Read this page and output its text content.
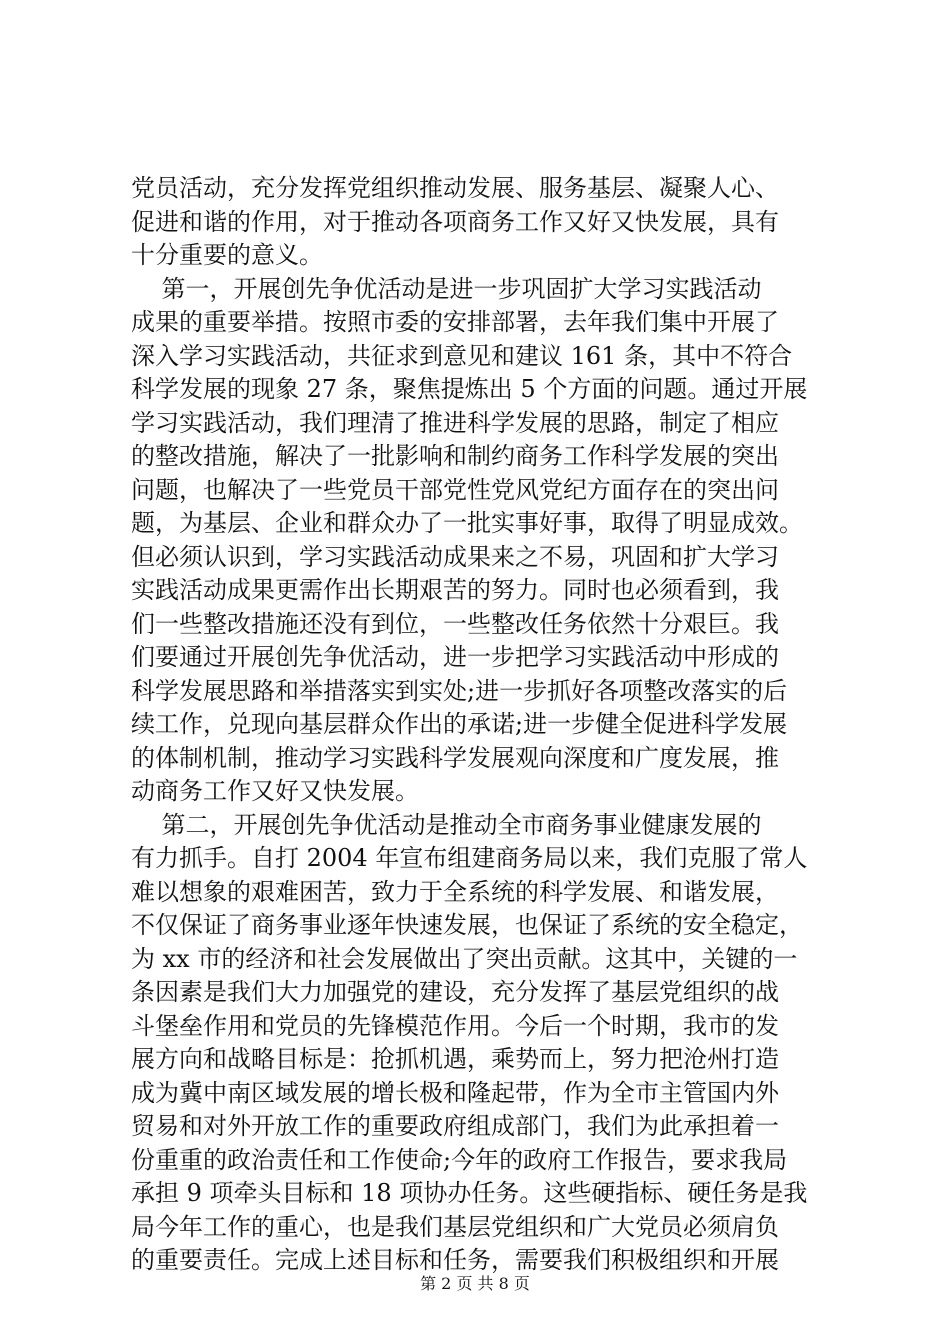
党员活动，充分发挥党组织推动发展、服务基层、凝聚人心、
促进和谐的作用，对于推动各项商务工作又好又快发展，具有
十分重要的意义。
第一，开展创先争优活动是进一步巩固扩大学习实践活动
成果的重要举措。按照市委的安排部署，去年我们集中开展了
深入学习实践活动，共征求到意见和建议 161 条，其中不符合
科学发展的现象 27 条，聚焦提炼出 5 个方面的问题。通过开展
学习实践活动，我们理清了推进科学发展的思路，制定了相应
的整改措施，解决了一批影响和制约商务工作科学发展的突出
问题，也解决了一些党员干部党性党风党纪方面存在的突出问
题，为基层、企业和群众办了一批实事好事，取得了明显成效。
但必须认识到，学习实践活动成果来之不易，巩固和扩大学习
实践活动成果更需作出长期艰苦的努力。同时也必须看到，我
们一些整改措施还没有到位，一些整改任务依然十分艰巨。我
们要通过开展创先争优活动，进一步把学习实践活动中形成的
科学发展思路和举措落实到实处;进一步抓好各项整改落实的后
续工作，兑现向基层群众作出的承诺;进一步健全促进科学发展
的体制机制，推动学习实践科学发展观向深度和广度发展，推
动商务工作又好又快发展。
第二，开展创先争优活动是推动全市商务事业健康发展的
有力抓手。自打 2004 年宣布组建商务局以来，我们克服了常人
难以想象的艰难困苦，致力于全系统的科学发展、和谐发展，
不仅保证了商务事业逐年快速发展，也保证了系统的安全稳定，
为 xx 市的经济和社会发展做出了突出贡献。这其中，关键的一
条因素是我们大力加强党的建设，充分发挥了基层党组织的战
斗堡垒作用和党员的先锋模范作用。今后一个时期，我市的发
展方向和战略目标是：抢抓机遇，乘势而上，努力把沧州打造
成为冀中南区域发展的增长极和隆起带，作为全市主管国内外
贸易和对外开放工作的重要政府组成部门，我们为此承担着一
份重重的政治责任和工作使命;今年的政府工作报告，要求我局
承担 9 项牵头目标和 18 项协办任务。这些硬指标、硬任务是我
局今年工作的重心，也是我们基层党组织和广大党员必须肩负
的重要责任。完成上述目标和任务，需要我们积极组织和开展
第 2 页 共 8 页
